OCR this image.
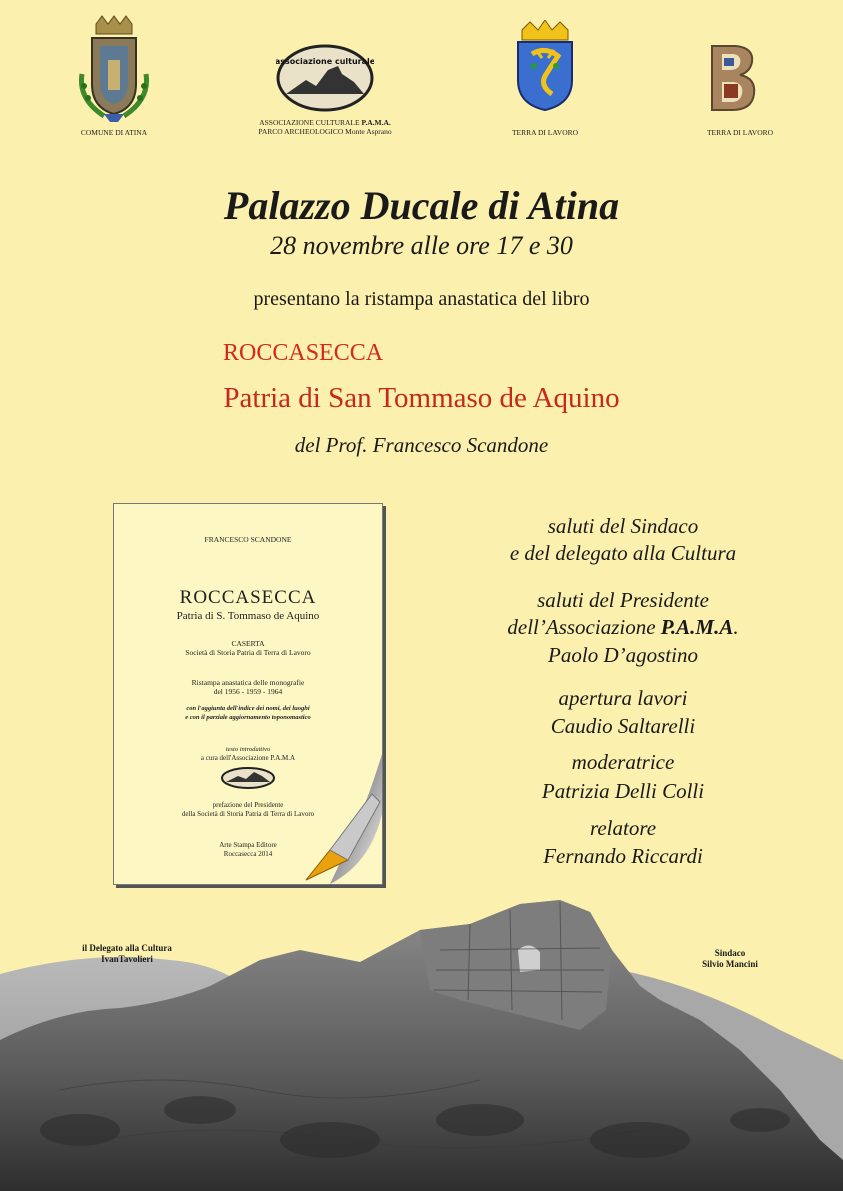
COMUNE DI ATINA
associazione culturale
ASSOCIAZIONE CULTURALE P.A.M.A.
PARCO ARCHEOLOGICO Monte Asprano	TERRA DI LAVORO	TERRA DI LAVORO
Palazzo Ducale di Atina
28 novembre alle ore 17 e 30
presentano la ristampa anastatica del libro
ROCCASECCA
Patria di San Tommaso de Aquino
del Prof. Francesco Scandone
FRANCESCO SCANDONE
ROCCASECCA
Patria di S. Tommaso de Aquino
CASERTA
Società di Storia Patria di Terra di Lavoro
Ristampa anastatica delle monografie
del 1956 - 1959 - 1964
con l'aggiunta dell'indice dei nomi, dei luoghi
e con il parziale aggiornamento toponomastico
testo introduttivo
a cura dell'Associazione P.A.M.A
prefazione del Presidente
della Società di Storia Patria di Terra di Lavoro
Arte Stampa Editore
Roccasecca 2014
saluti del Sindaco
e del delegato alla Cultura
saluti del Presidente
dell’Associazione P.A.M.A.
Paolo D’agostino
apertura lavori
Caudio Saltarelli
moderatrice
Patrizia Delli Colli
relatore
Fernando Riccardi
il Delegato alla Cultura
IvanTavolieri
Sindaco
Silvio Mancini
